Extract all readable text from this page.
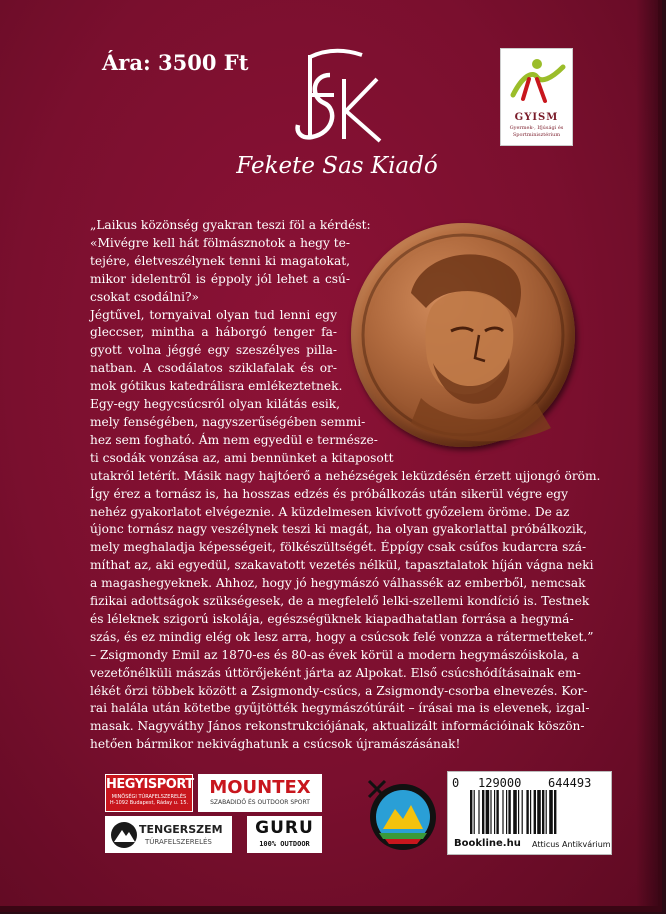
Ára: 3500 Ft
Fekete Sas Kiadó
GYISM
Gyermek-, Ifjúsági és
Sportminisztérium
„Laikus közönség gyakran teszi föl a kérdést:
«Mivégre kell hát fölmásznotok a hegy te-
tejére, életveszélynek tenni ki magatokat,
mikor idelentről is éppoly jól lehet a csú-
csokat csodálni?»
Jégtűvel, tornyaival olyan tud lenni egy
gleccser, mintha a háborgó tenger fa-
gyott volna jéggé egy szeszélyes pilla-
natban. A csodálatos sziklafalak és or-
mok gótikus katedrálisra emlékeztetnek.
Egy-egy hegycsúcsról olyan kilátás esik,
mely fenségében, nagyszerűségében semmi-
hez sem fogható. Ám nem egyedül e természe-
ti csodák vonzása az, ami bennünket a kitaposott
utakról letérít. Másik nagy hajtóerő a nehézségek leküzdésén érzett ujjongó öröm.
Így érez a tornász is, ha hosszas edzés és próbálkozás után sikerül végre egy
nehéz gyakorlatot elvégeznie. A küzdelmesen kivívott győzelem öröme. De az
újonc tornász nagy veszélynek teszi ki magát, ha olyan gyakorlattal próbálkozik,
mely meghaladja képességeit, fölkészültségét. Éppígy csak csúfos kudarcra szá-
míthat az, aki egyedül, szakavatott vezetés nélkül, tapasztalatok híján vágna neki
a magashegyeknek. Ahhoz, hogy jó hegymászó válhassék az emberből, nemcsak
fizikai adottságok szükségesek, de a megfelelő lelki-szellemi kondíció is. Testnek
és léleknek szigorú iskolája, egészségüknek kiapadhatatlan forrása a hegymá-
szás, és ez mindig elég ok lesz arra, hogy a csúcsok felé vonzza a rátermetteket.”
– Zsigmondy Emil az 1870-es és 80-as évek körül a modern hegymászóiskola, a
vezetőnélküli mászás úttörőjeként járta az Alpokat. Első csúcshódításainak em-
lékét őrzi többek között a Zsigmondy-csúcs, a Zsigmondy-csorba elnevezés. Kor-
rai halála után kötetbe gyűjtötték hegymászótúráit – írásai ma is elevenek, izgal-
masak. Nagyváthy János rekonstrukciójának, aktualizált információinak köszön-
hetően bármikor nekivághatunk a csúcsok újramászásának!
HEGYISPORT
MINŐSÉGI TÚRAFELSZERELÉS
H-1092 Budapest, Ráday u. 15.
MOUNTEX
SZABADIDŐ ÉS OUTDOOR SPORT
TENGERSZEM
TÚRAFELSZERELÉS
GURU
100% OUTDOOR
0 129000 644493
Bookline.hu Atticus Antikvárium
